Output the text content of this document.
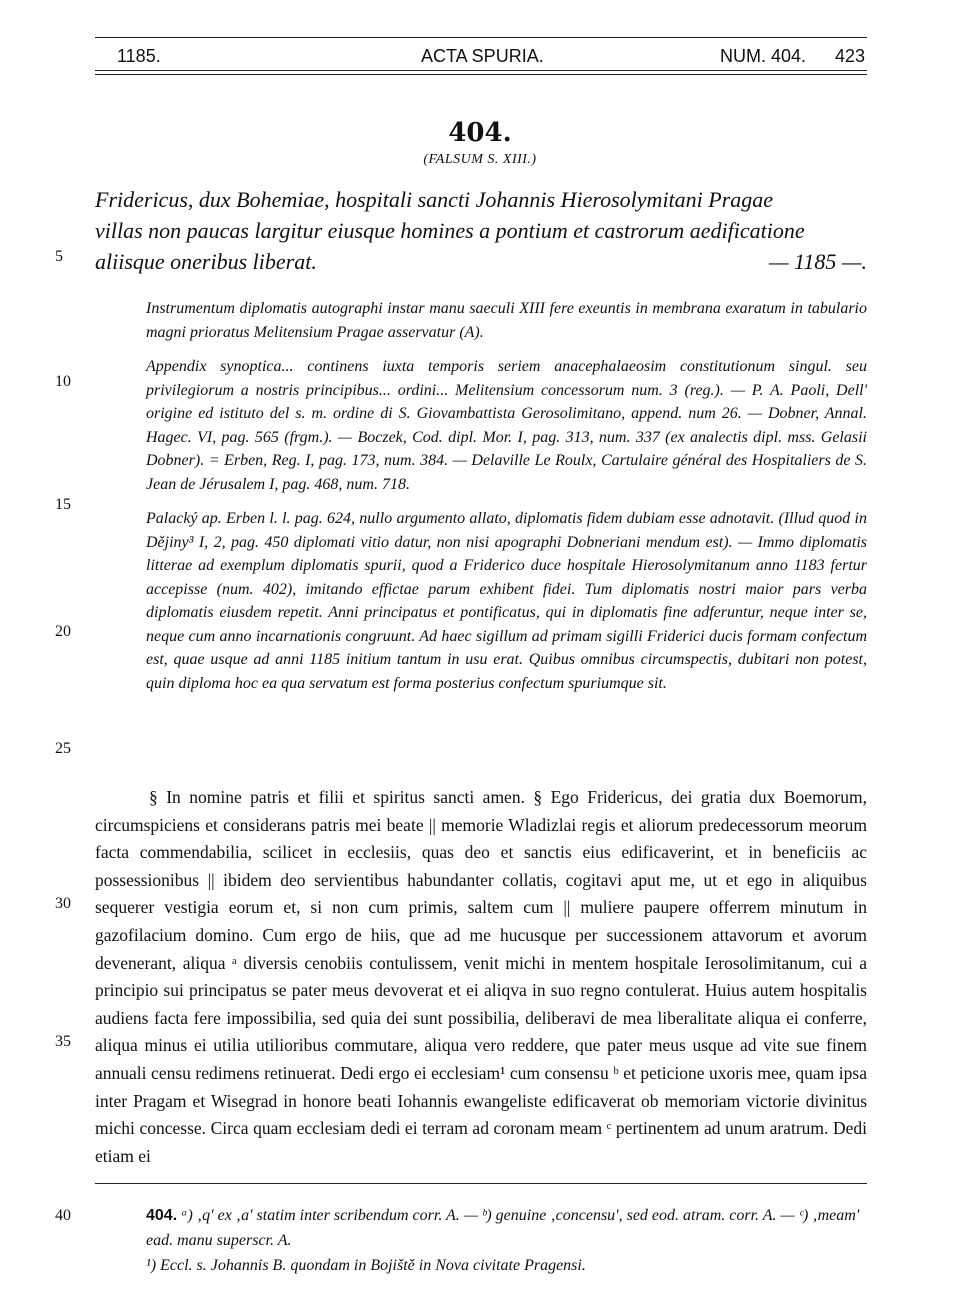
1185.	ACTA SPURIA.	NUM. 404. 423
404.
(FALSUM S. XIII.)
Fridericus, dux Bohemiae, hospitali sancti Johannis Hierosolymitani Pragae
villas non paucas largitur eiusque homines a pontium et castrorum aedificatione
aliisque oneribus liberat.	— 1185 —.

Instrumentum diplomatis autographi instar manu saeculi XIII fere exeuntis in membrana exaratum in tabulario magni prioratus Melitensium Pragae asservatur (A).

Appendix synoptica... continens iuxta temporis seriem anacephalaeosim constitutionum singul. seu privilegiorum a nostris principibus... ordini... Melitensium concessorum num. 3 (reg.). — P. A. Paoli, Dell' origine ed istituto del s. m. ordine di S. Giovambattista Gerosolimitano, append. num 26. — Dobner, Annal. Hagec. VI, pag. 565 (frgm.). — Boczek, Cod. dipl. Mor. I, pag. 313, num. 337 (ex analectis dipl. mss. Gelasii Dobner). = Erben, Reg. I, pag. 173, num. 384. — Delaville Le Roulx, Cartulaire général des Hospitaliers de S. Jean de Jérusalem I, pag. 468, num. 718.

Palacký ap. Erben l. l. pag. 624, nullo argumento allato, diplomatis fidem dubiam esse adnotavit. (Illud quod in Dějiny³ I, 2, pag. 450 diplomati vitio datur, non nisi apographi Dobneriani mendum est). — Immo diplomatis litterae ad exemplum diplomatis spurii, quod a Friderico duce hospitale Hierosolymitanum anno 1183 fertur accepisse (num. 402), imitando effictae parum exhibent fidei. Tum diplomatis nostri maior pars verba diplomatis eiusdem repetit. Anni principatus et pontificatus, qui in diplomatis fine adferuntur, neque inter se, neque cum anno incarnationis congruunt. Ad haec sigillum ad primam sigilli Friderici ducis formam confectum est, quae usque ad anni 1185 initium tantum in usu erat. Quibus omnibus circumspectis, dubitari non potest, quin diploma hoc ea qua servatum est forma posterius confectum spuriumque sit.

§ In nomine patris et filii et spiritus sancti amen. § Ego Fridericus, dei gratia dux Boemorum, circumspiciens et considerans patris mei beate || memorie Wladizlai regis et aliorum predecessorum meorum facta commendabilia, scilicet in ecclesiis, quas deo et sanctis eius edificaverint, et in beneficiis ac possessionibus || ibidem deo servientibus habundanter collatis, cogitavi aput me, ut et ego in aliquibus sequerer vestigia eorum et, si non cum primis, saltem cum || muliere paupere offerrem minutum in gazofilacium domino. Cum ergo de hiis, que ad me hucusque per successionem attavorum et avorum devenerant, aliqua ᵃ diversis cenobiis contulissem, venit michi in mentem hospitale Ierosolimitanum, cui a principio sui principatus se pater meus devoverat et ei aliqva in suo regno contulerat. Huius autem hospitalis audiens facta fere impossibilia, sed quia dei sunt possibilia, deliberavi de mea liberalitate aliqua ei conferre, aliqua minus ei utilia utilioribus commutare, aliqua vero reddere, que pater meus usque ad vite sue finem annuali censu redimens retinuerat. Dedi ergo ei ecclesiam¹ cum consensu ᵇ et peticione uxoris mee, quam ipsa inter Pragam et Wisegrad in honore beati Iohannis ewangeliste edificaverat ob memoriam victorie divinitus michi concesse. Circa quam ecclesiam dedi ei terram ad coronam meam ᶜ pertinentem ad unum aratrum. Dedi etiam ei
404. ᵃ) ‚q' ex ‚a' statim inter scribendum corr. A. — ᵇ) genuine ‚concensu', sed eod. atram. corr. A. — ᶜ) ‚meam' ead. manu superscr. A.
¹) Eccl. s. Johannis B. quondam in Bojiště in Nova civitate Pragensi.
5
10
15
20
25
30
35
40
